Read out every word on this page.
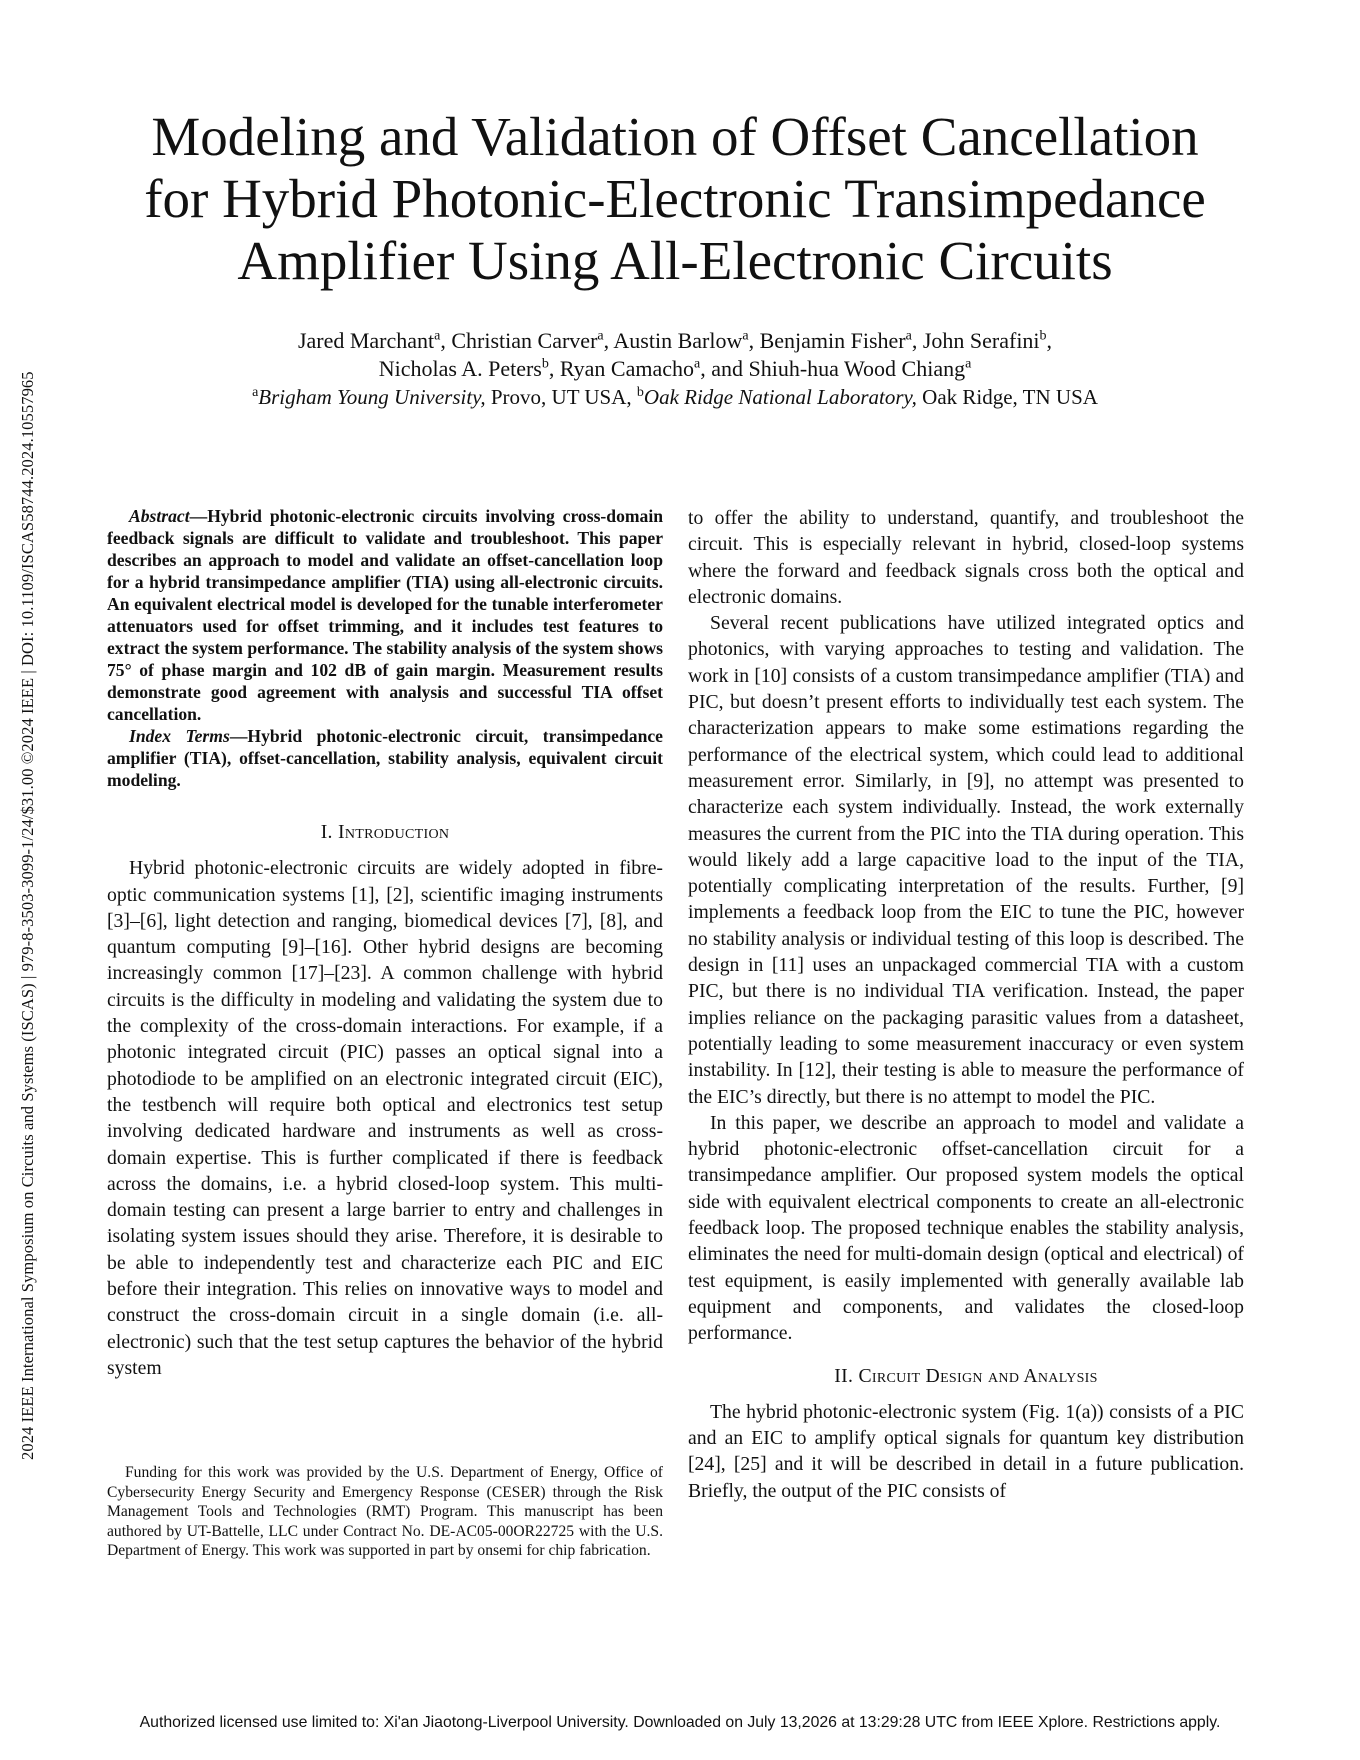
2024 IEEE International Symposium on Circuits and Systems (ISCAS) | 979-8-3503-3099-1/24/$31.00 ©2024 IEEE | DOI: 10.1109/ISCAS58744.2024.10557965
Modeling and Validation of Offset Cancellation
for Hybrid Photonic-Electronic Transimpedance
Amplifier Using All-Electronic Circuits
Jared Marchant$^a$, Christian Carver$^a$, Austin Barlow$^a$, Benjamin Fisher$^a$, John Serafini$^b$,
Nicholas A. Peters$^b$, Ryan Camacho$^a$, and Shiuh-hua Wood Chiang$^a$
$^a$Brigham Young University, Provo, UT USA, $^b$Oak Ridge National Laboratory, Oak Ridge, TN USA

Abstract—Hybrid photonic-electronic circuits involving cross-domain feedback signals are difficult to validate and troubleshoot. This paper describes an approach to model and validate an offset-cancellation loop for a hybrid transimpedance amplifier (TIA) using all-electronic circuits. An equivalent electrical model is developed for the tunable interferometer attenuators used for offset trimming, and it includes test features to extract the system performance. The stability analysis of the system shows 75° of phase margin and 102 dB of gain margin. Measurement results demonstrate good agreement with analysis and successful TIA offset cancellation.

Index Terms—Hybrid photonic-electronic circuit, transimpedance amplifier (TIA), offset-cancellation, stability analysis, equivalent circuit modeling.

I. Introduction

Hybrid photonic-electronic circuits are widely adopted in fibre-optic communication systems [1], [2], scientific imaging instruments [3]–[6], light detection and ranging, biomedical devices [7], [8], and quantum computing [9]–[16]. Other hybrid designs are becoming increasingly common [17]–[23]. A common challenge with hybrid circuits is the difficulty in modeling and validating the system due to the complexity of the cross-domain interactions. For example, if a photonic integrated circuit (PIC) passes an optical signal into a photodiode to be amplified on an electronic integrated circuit (EIC), the testbench will require both optical and electronics test setup involving dedicated hardware and instruments as well as cross-domain expertise. This is further complicated if there is feedback across the domains, i.e. a hybrid closed-loop system. This multi-domain testing can present a large barrier to entry and challenges in isolating system issues should they arise. Therefore, it is desirable to be able to independently test and characterize each PIC and EIC before their integration. This relies on innovative ways to model and construct the cross-domain circuit in a single domain (i.e. all-electronic) such that the test setup captures the behavior of the hybrid system

Funding for this work was provided by the U.S. Department of Energy, Office of Cybersecurity Energy Security and Emergency Response (CESER) through the Risk Management Tools and Technologies (RMT) Program. This manuscript has been authored by UT-Battelle, LLC under Contract No. DE-AC05-00OR22725 with the U.S. Department of Energy. This work was supported in part by onsemi for chip fabrication.

to offer the ability to understand, quantify, and troubleshoot the circuit. This is especially relevant in hybrid, closed-loop systems where the forward and feedback signals cross both the optical and electronic domains.

Several recent publications have utilized integrated optics and photonics, with varying approaches to testing and validation. The work in [10] consists of a custom transimpedance amplifier (TIA) and PIC, but doesn’t present efforts to individually test each system. The characterization appears to make some estimations regarding the performance of the electrical system, which could lead to additional measurement error. Similarly, in [9], no attempt was presented to characterize each system individually. Instead, the work externally measures the current from the PIC into the TIA during operation. This would likely add a large capacitive load to the input of the TIA, potentially complicating interpretation of the results. Further, [9] implements a feedback loop from the EIC to tune the PIC, however no stability analysis or individual testing of this loop is described. The design in [11] uses an unpackaged commercial TIA with a custom PIC, but there is no individual TIA verification. Instead, the paper implies reliance on the packaging parasitic values from a datasheet, potentially leading to some measurement inaccuracy or even system instability. In [12], their testing is able to measure the performance of the EIC’s directly, but there is no attempt to model the PIC.

In this paper, we describe an approach to model and validate a hybrid photonic-electronic offset-cancellation circuit for a transimpedance amplifier. Our proposed system models the optical side with equivalent electrical components to create an all-electronic feedback loop. The proposed technique enables the stability analysis, eliminates the need for multi-domain design (optical and electrical) of test equipment, is easily implemented with generally available lab equipment and components, and validates the closed-loop performance.

II. Circuit Design and Analysis

The hybrid photonic-electronic system (Fig. 1(a)) consists of a PIC and an EIC to amplify optical signals for quantum key distribution [24], [25] and it will be described in detail in a future publication. Briefly, the output of the PIC consists of

Authorized licensed use limited to: Xi'an Jiaotong-Liverpool University. Downloaded on July 13,2026 at 13:29:28 UTC from IEEE Xplore. Restrictions apply.
